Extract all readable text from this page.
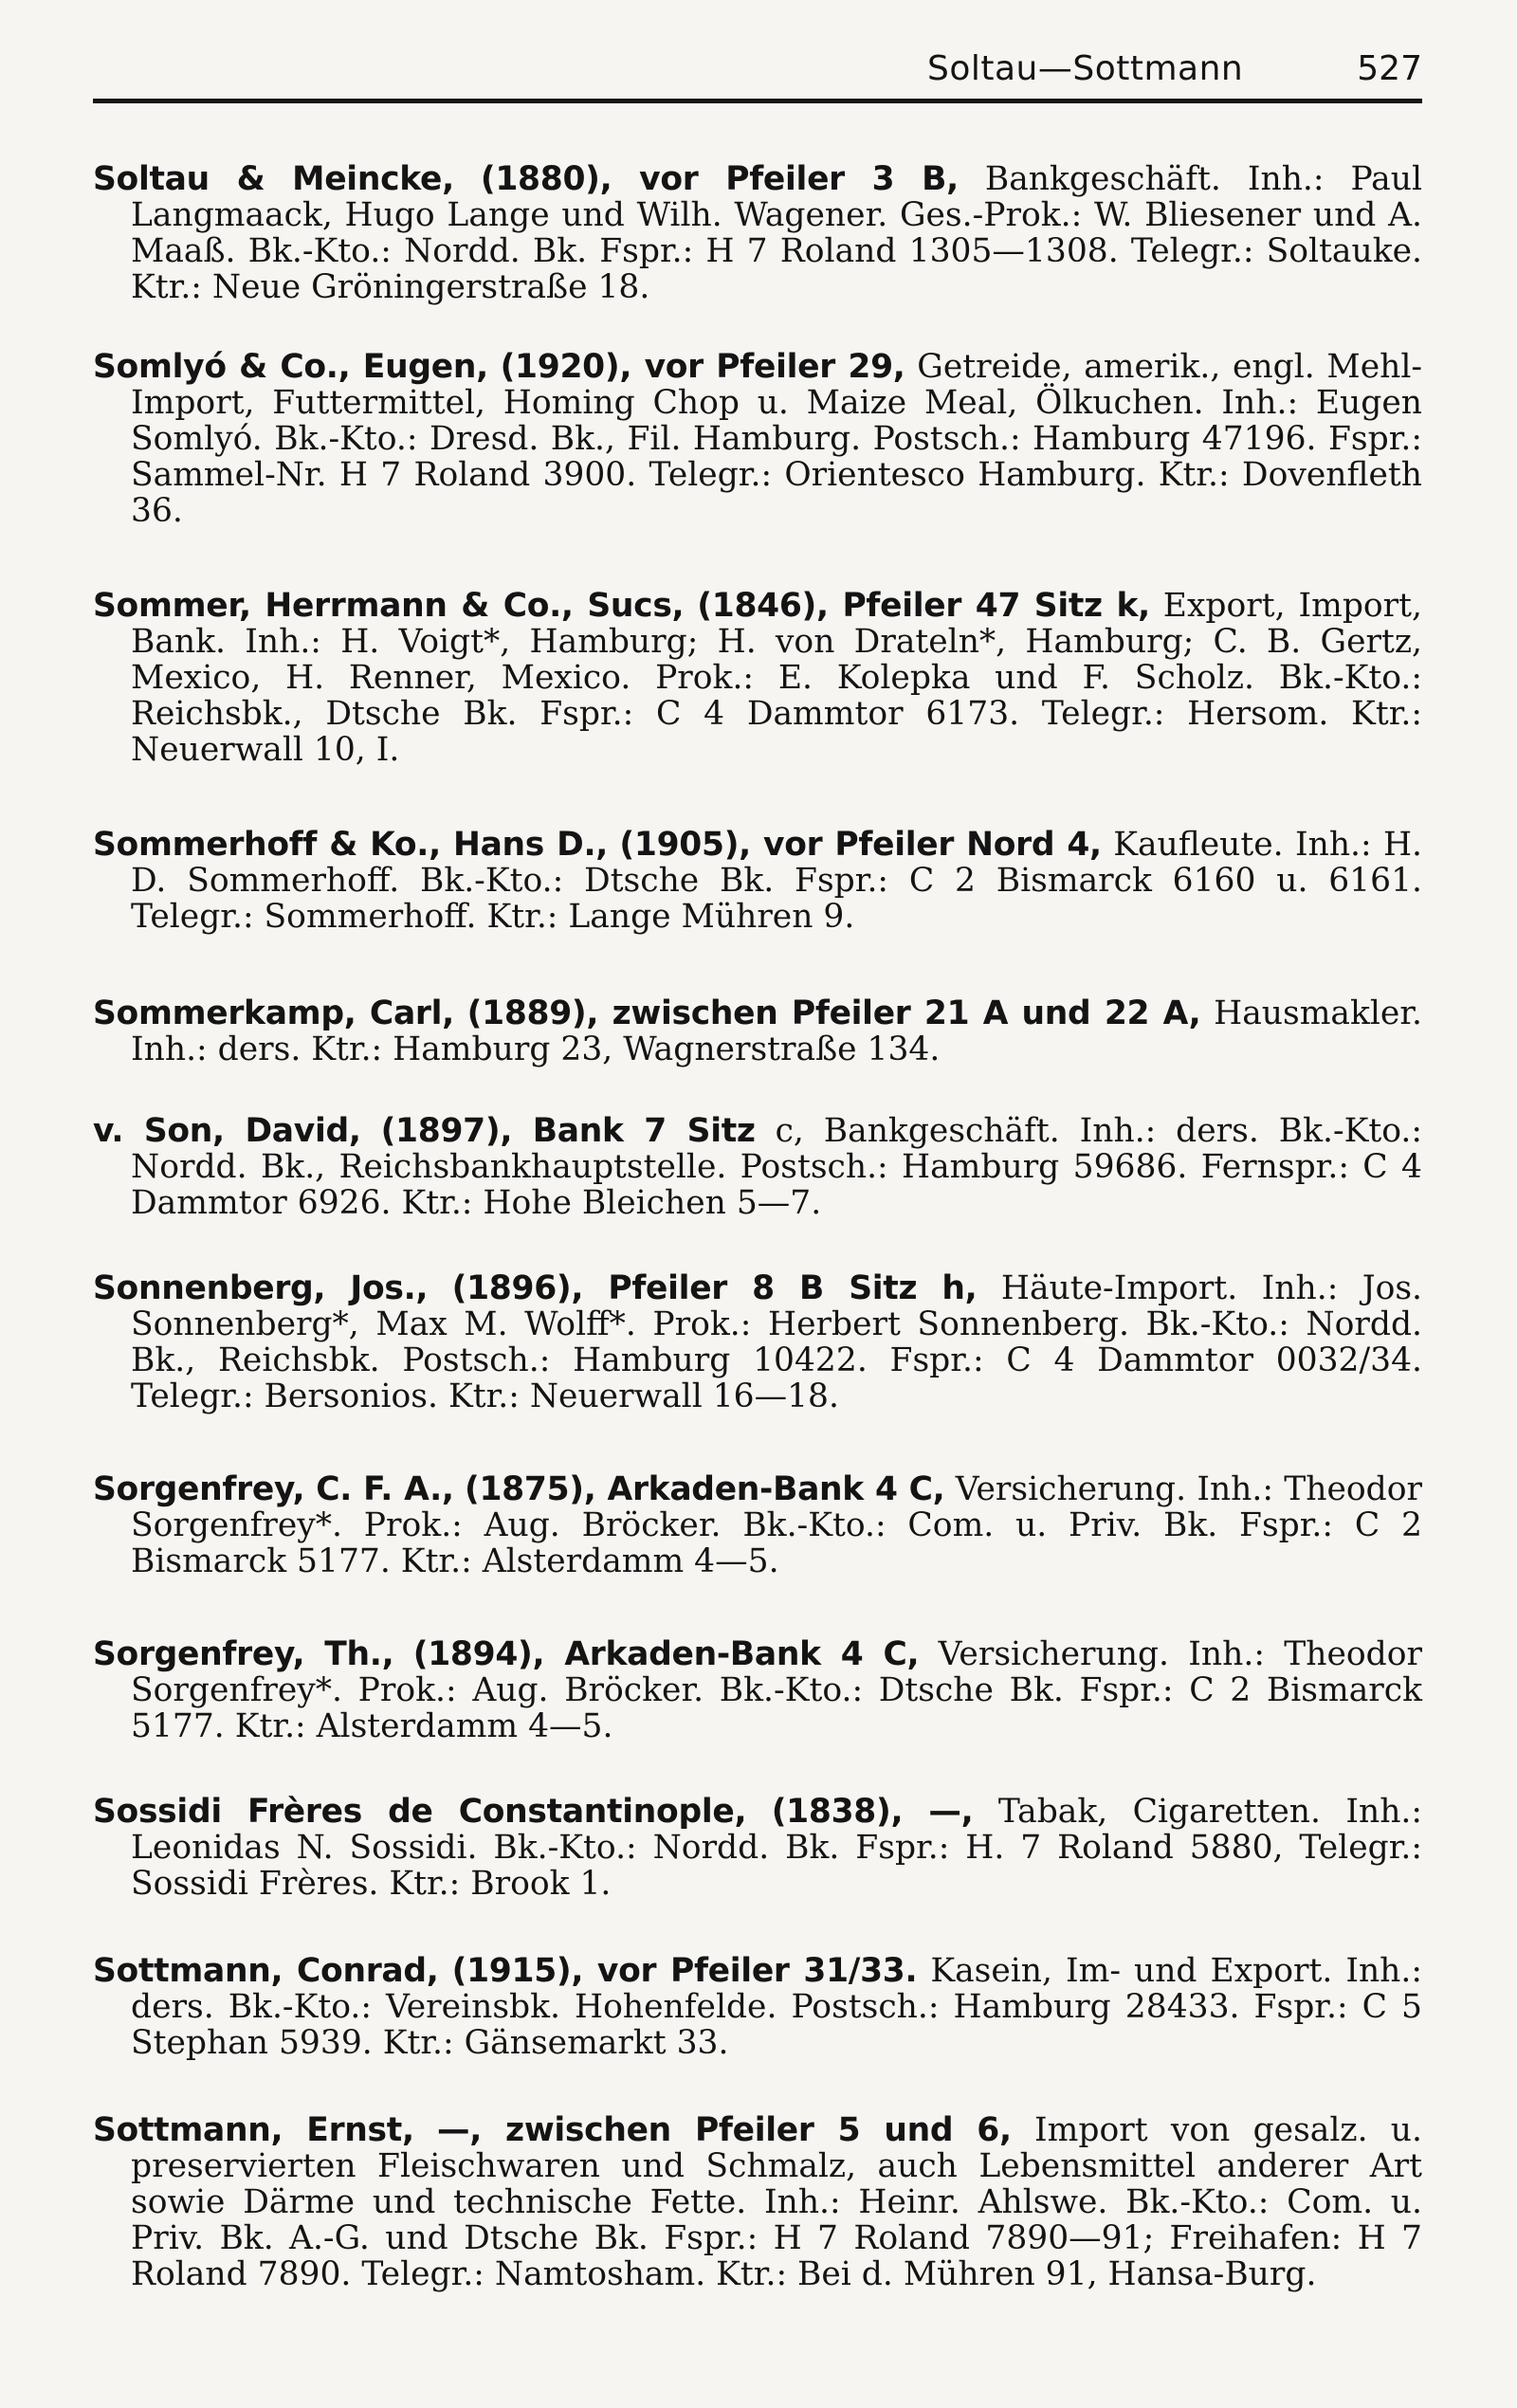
Soltau—Sottmann	527
Soltau & Meincke, (1880), vor Pfeiler 3 B, Bankgeschäft. Inh.: Paul Langmaack, Hugo Lange und Wilh. Wagener. Ges.-Prok.: W. Bliesener und A. Maaß. Bk.-Kto.: Nordd. Bk. Fspr.: H 7 Roland 1305—1308. Telegr.: Soltauke. Ktr.: Neue Gröningerstraße 18.
Somlyó & Co., Eugen, (1920), vor Pfeiler 29, Getreide, amerik., engl. Mehl-Import, Futtermittel, Homing Chop u. Maize Meal, Ölkuchen. Inh.: Eugen Somlyó. Bk.-Kto.: Dresd. Bk., Fil. Hamburg. Postsch.: Hamburg 47196. Fspr.: Sammel-Nr. H 7 Roland 3900. Telegr.: Orientesco Hamburg. Ktr.: Dovenfleth 36.
Sommer, Herrmann & Co., Sucs, (1846), Pfeiler 47 Sitz k, Export, Import, Bank. Inh.: H. Voigt*, Hamburg; H. von Drateln*, Hamburg; C. B. Gertz, Mexico, H. Renner, Mexico. Prok.: E. Kolepka und F. Scholz. Bk.-Kto.: Reichsbk., Dtsche Bk. Fspr.: C 4 Dammtor 6173. Telegr.: Hersom. Ktr.: Neuerwall 10, I.
Sommerhoff & Ko., Hans D., (1905), vor Pfeiler Nord 4, Kaufleute. Inh.: H. D. Sommerhoff. Bk.-Kto.: Dtsche Bk. Fspr.: C 2 Bismarck 6160 u. 6161. Telegr.: Sommerhoff. Ktr.: Lange Mühren 9.
Sommerkamp, Carl, (1889), zwischen Pfeiler 21 A und 22 A, Hausmakler. Inh.: ders. Ktr.: Hamburg 23, Wagnerstraße 134.
v. Son, David, (1897), Bank 7 Sitz c, Bankgeschäft. Inh.: ders. Bk.-Kto.: Nordd. Bk., Reichsbankhauptstelle. Postsch.: Hamburg 59686. Fernspr.: C 4 Dammtor 6926. Ktr.: Hohe Bleichen 5—7.
Sonnenberg, Jos., (1896), Pfeiler 8 B Sitz h, Häute-Import. Inh.: Jos. Sonnenberg*, Max M. Wolff*. Prok.: Herbert Sonnenberg. Bk.-Kto.: Nordd. Bk., Reichsbk. Postsch.: Hamburg 10422. Fspr.: C 4 Dammtor 0032/34. Telegr.: Bersonios. Ktr.: Neuerwall 16—18.
Sorgenfrey, C. F. A., (1875), Arkaden-Bank 4 C, Versicherung. Inh.: Theodor Sorgenfrey*. Prok.: Aug. Bröcker. Bk.-Kto.: Com. u. Priv. Bk. Fspr.: C 2 Bismarck 5177. Ktr.: Alsterdamm 4—5.
Sorgenfrey, Th., (1894), Arkaden-Bank 4 C, Versicherung. Inh.: Theodor Sorgenfrey*. Prok.: Aug. Bröcker. Bk.-Kto.: Dtsche Bk. Fspr.: C 2 Bismarck 5177. Ktr.: Alsterdamm 4—5.
Sossidi Frères de Constantinople, (1838), —, Tabak, Cigaretten. Inh.: Leonidas N. Sossidi. Bk.-Kto.: Nordd. Bk. Fspr.: H. 7 Roland 5880, Telegr.: Sossidi Frères. Ktr.: Brook 1.
Sottmann, Conrad, (1915), vor Pfeiler 31/33. Kasein, Im- und Export. Inh.: ders. Bk.-Kto.: Vereinsbk. Hohenfelde. Postsch.: Hamburg 28433. Fspr.: C 5 Stephan 5939. Ktr.: Gänsemarkt 33.
Sottmann, Ernst, —, zwischen Pfeiler 5 und 6, Import von gesalz. u. preservierten Fleischwaren und Schmalz, auch Lebensmittel anderer Art sowie Därme und technische Fette. Inh.: Heinr. Ahlswe. Bk.-Kto.: Com. u. Priv. Bk. A.-G. und Dtsche Bk. Fspr.: H 7 Roland 7890—91; Freihafen: H 7 Roland 7890. Telegr.: Namtosham. Ktr.: Bei d. Mühren 91, Hansa-Burg.
